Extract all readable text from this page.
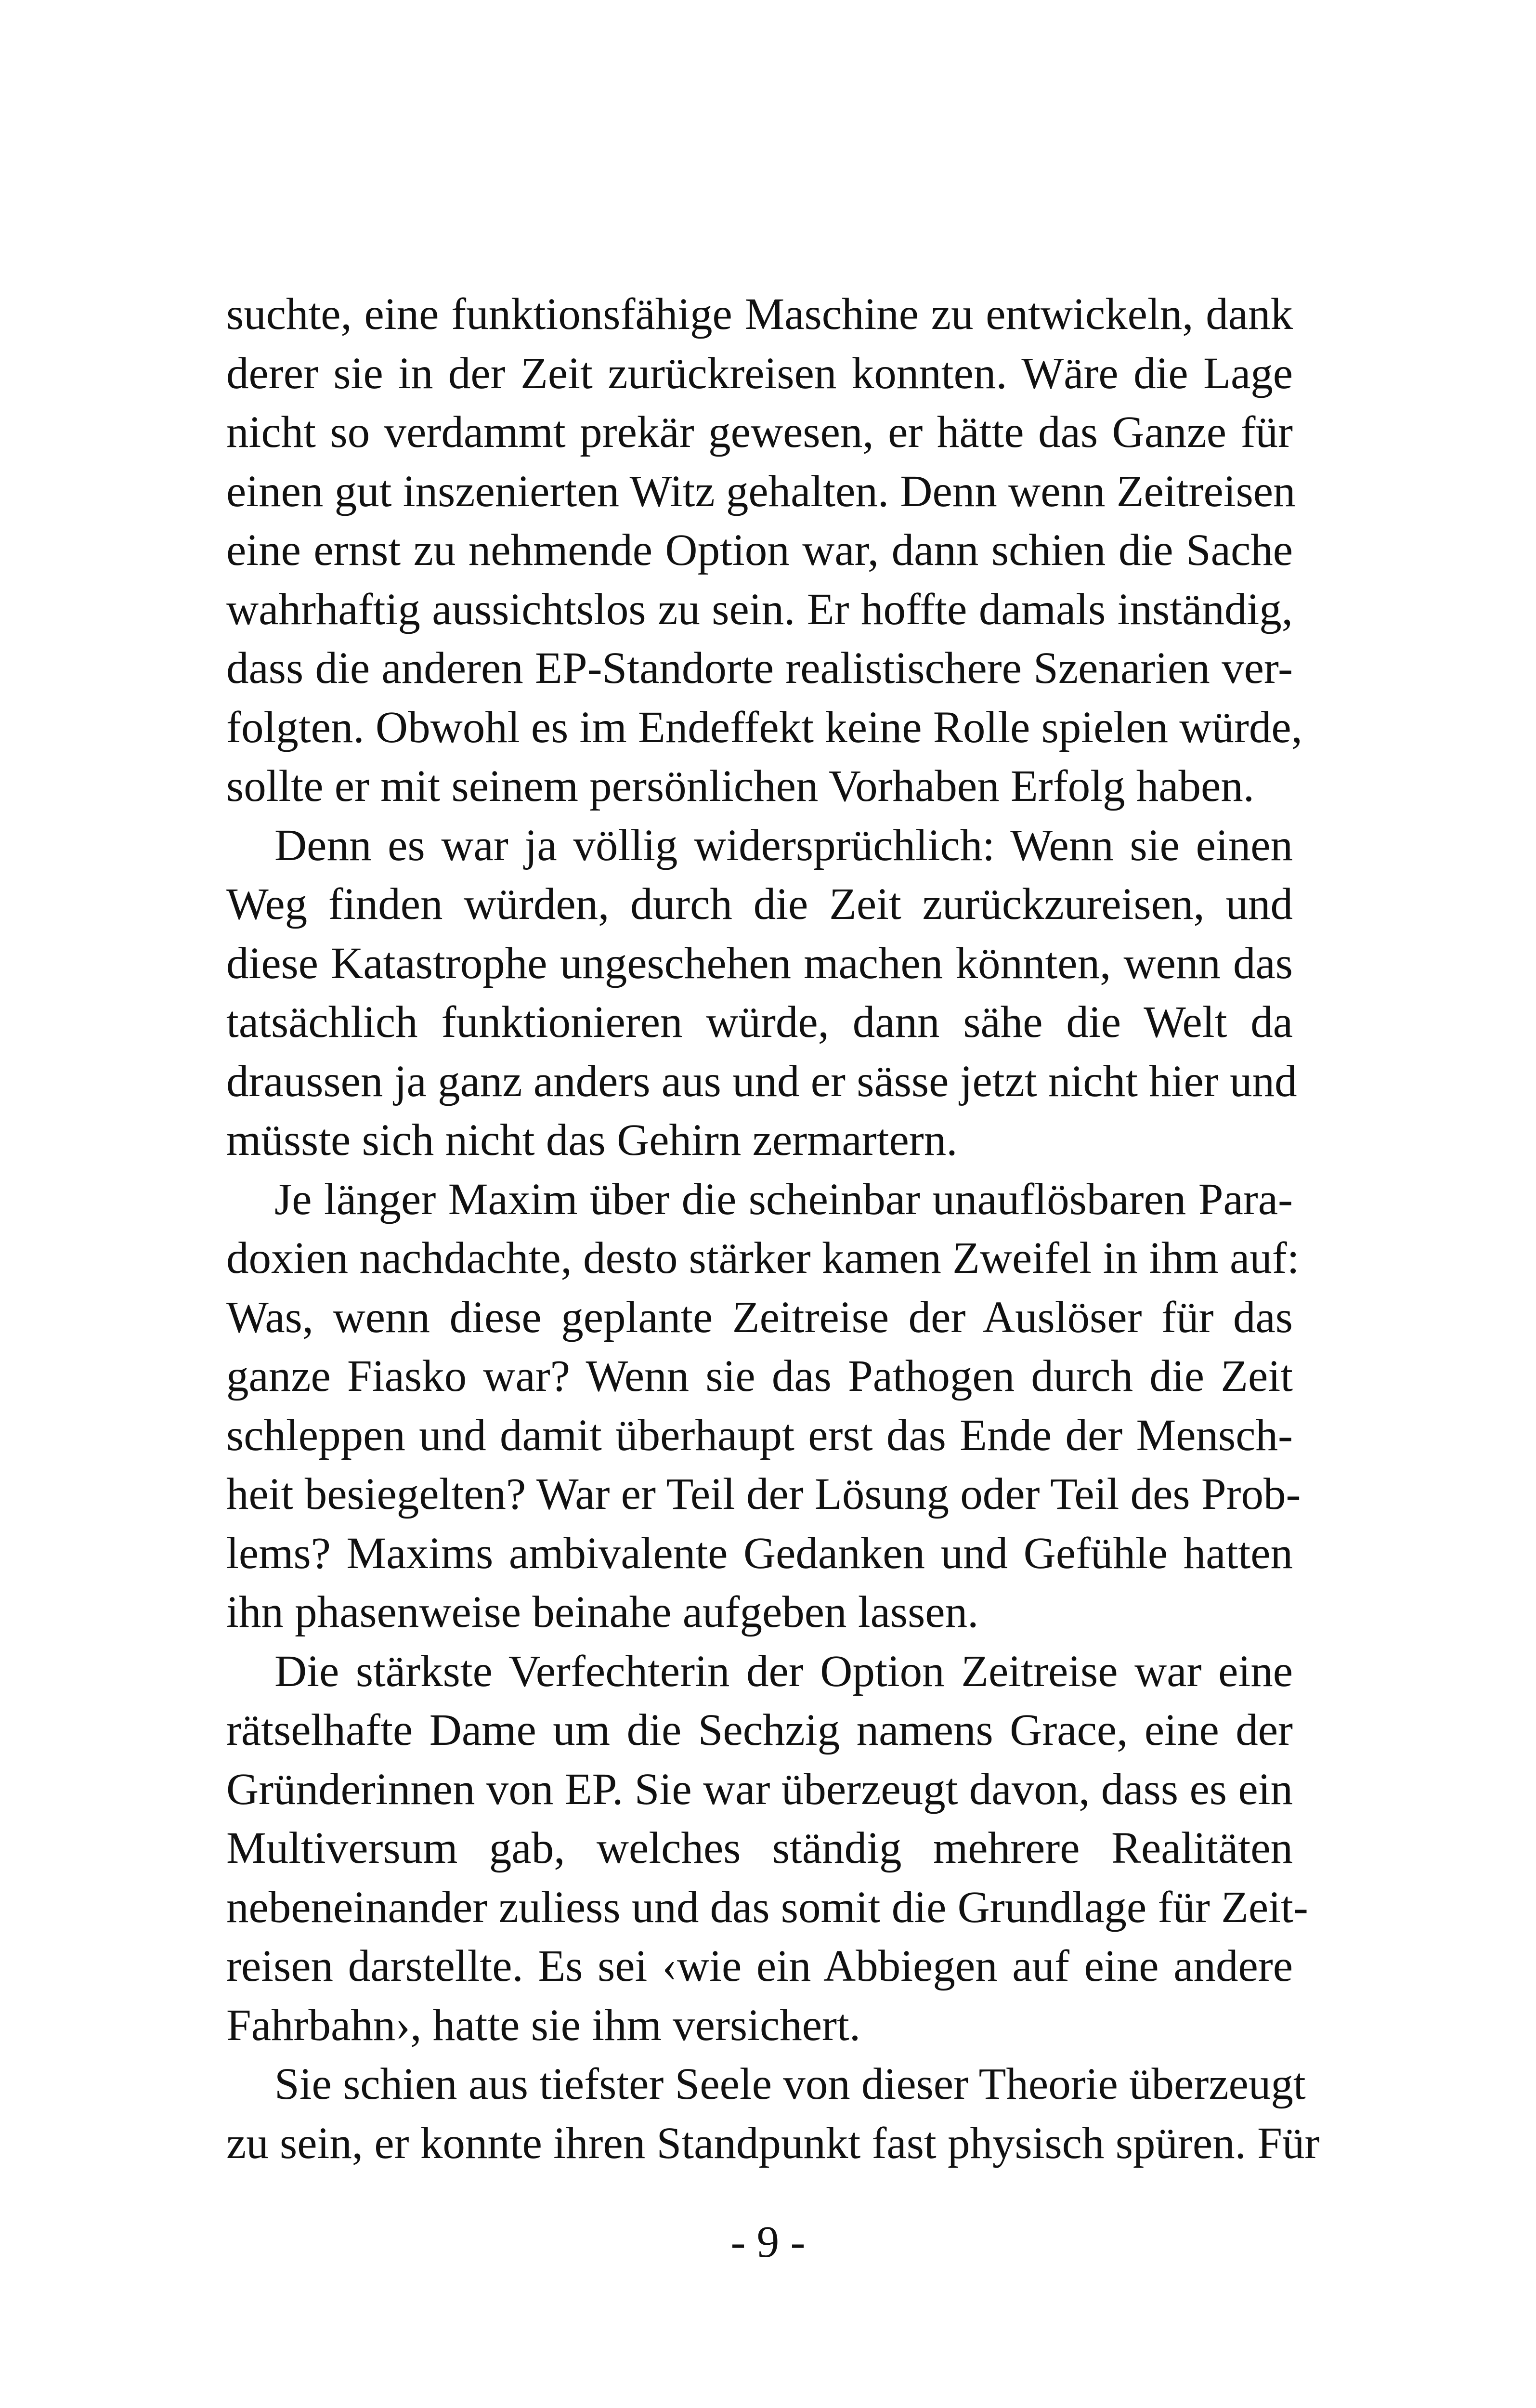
suchte, eine funktionsfähige Maschine zu entwickeln, dank
derer sie in der Zeit zurückreisen konnten. Wäre die Lage
nicht so verdammt prekär gewesen, er hätte das Ganze für
einen gut inszenierten Witz gehalten. Denn wenn Zeitreisen
eine ernst zu nehmende Option war, dann schien die Sache
wahrhaftig aussichtslos zu sein. Er hoffte damals inständig,
dass die anderen EP-Standorte realistischere Szenarien ver-
folgten. Obwohl es im Endeffekt keine Rolle spielen würde,
sollte er mit seinem persönlichen Vorhaben Erfolg haben.
Denn es war ja völlig widersprüchlich: Wenn sie einen
Weg finden würden, durch die Zeit zurückzureisen, und
diese Katastrophe ungeschehen machen könnten, wenn das
tatsächlich funktionieren würde, dann sähe die Welt da
draussen ja ganz anders aus und er sässe jetzt nicht hier und
müsste sich nicht das Gehirn zermartern.
Je länger Maxim über die scheinbar unauflösbaren Para-
doxien nachdachte, desto stärker kamen Zweifel in ihm auf:
Was, wenn diese geplante Zeitreise der Auslöser für das
ganze Fiasko war? Wenn sie das Pathogen durch die Zeit
schleppen und damit überhaupt erst das Ende der Mensch-
heit besiegelten? War er Teil der Lösung oder Teil des Prob-
lems? Maxims ambivalente Gedanken und Gefühle hatten
ihn phasenweise beinahe aufgeben lassen.
Die stärkste Verfechterin der Option Zeitreise war eine
rätselhafte Dame um die Sechzig namens Grace, eine der
Gründerinnen von EP. Sie war überzeugt davon, dass es ein
Multiversum gab, welches ständig mehrere Realitäten
nebeneinander zuliess und das somit die Grundlage für Zeit-
reisen darstellte. Es sei ‹wie ein Abbiegen auf eine andere
Fahrbahn›, hatte sie ihm versichert.
Sie schien aus tiefster Seele von dieser Theorie überzeugt
zu sein, er konnte ihren Standpunkt fast physisch spüren. Für
- 9 -
